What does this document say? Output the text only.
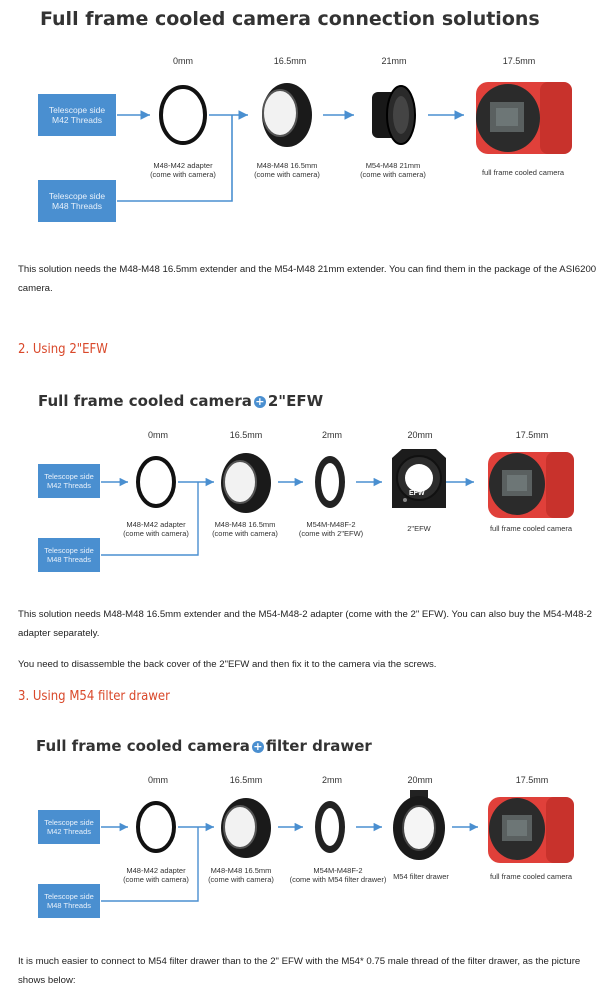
Full frame cooled camera connection solutions
0mm	16.5mm	21mm	17.5mm
Telescope side M42 Threads
Telescope side M48 Threads
M48-M42 adapter
(come with camera)
M48-M48 16.5mm
(come with camera)
M54-M48 21mm
(come with camera)	full frame cooled camera
This solution needs the M48-M48 16.5mm extender and the M54-M48 21mm extender. You can find them in the package of the ASI6200 camera.
2. Using 2"EFW
Full frame cooled camera + 2"EFW
0mm	16.5mm	2mm	20mm	17.5mm
Telescope side M42 Threads
Telescope side M48 Threads
EFW
M48-M42 adapter
(come with camera)
M48-M48 16.5mm
(come with camera)
M54M-M48F-2
(come with 2"EFW)
2"EFW	full frame cooled camera
This solution needs M48-M48 16.5mm extender and the M54-M48-2 adapter (come with the 2" EFW). You can also buy the M54-M48-2 adapter separately.
You need to disassemble the back cover of the 2"EFW and then fix it to the camera via the screws.
3. Using M54 filter drawer
Full frame cooled camera + filter drawer
0mm	16.5mm	2mm	20mm	17.5mm
Telescope side M42 Threads
Telescope side M48 Threads
M48-M42 adapter
(come with camera)
M48-M48 16.5mm
(come with camera)
M54M-M48F-2
(come with M54 filter drawer) M54 filter drawer	full frame cooled camera
It is much easier to connect to M54 filter drawer than to the 2" EFW with the M54* 0.75 male thread of the filter drawer, as the picture shows below:
